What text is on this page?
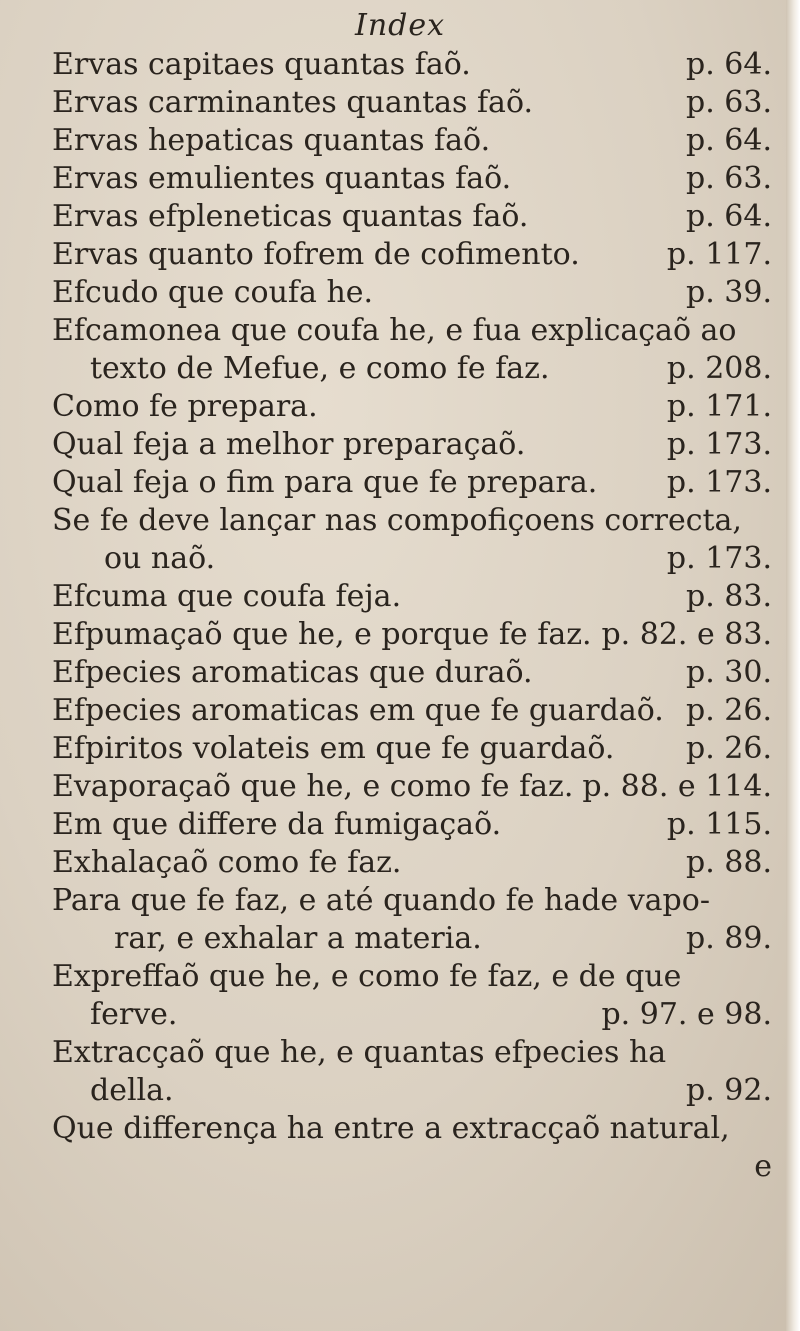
Index
Ervas capitaes quantas faõ.	p. 64.
Ervas carminantes quantas faõ.	p. 63.
Ervas hepaticas quantas faõ.	p. 64.
Ervas emulientes quantas faõ.	p. 63.
Ervas efpleneticas quantas faõ.	p. 64.
Ervas quanto fofrem de cofimento.	p. 117.
Efcudo que coufa he.	p. 39.
Efcamonea que coufa he, e fua explicaçaõ ao
texto de Mefue, e como fe faz.	p. 208.
Como fe prepara.	p. 171.
Qual feja a melhor preparaçaõ.	p. 173.
Qual feja o fim para que fe prepara. p. 173.
Se fe deve lançar nas compofiçoens correcta,
ou naõ.	p. 173.
Efcuma que coufa feja.	p. 83.
Efpumaçaõ que he, e porque fe faz. p. 82. e 83.
Efpecies aromaticas que duraõ.	p. 30.
Efpecies aromaticas em que fe guardaõ. p. 26.
Efpiritos volateis em que fe guardaõ. p. 26.
Evaporaçaõ que he, e como fe faz. p. 88. e 114.
Em que differe da fumigaçaõ.	p. 115.
Exhalaçaõ como fe faz.	p. 88.
Para que fe faz, e até quando fe hade vapo-
rar, e exhalar a materia.	p. 89.
Expreffaõ que he, e como fe faz, e de que
ferve.	p. 97. e 98.
Extracçaõ que he, e quantas efpecies ha
della.	p. 92.
Que differença ha entre a extracçaõ natural,
e
